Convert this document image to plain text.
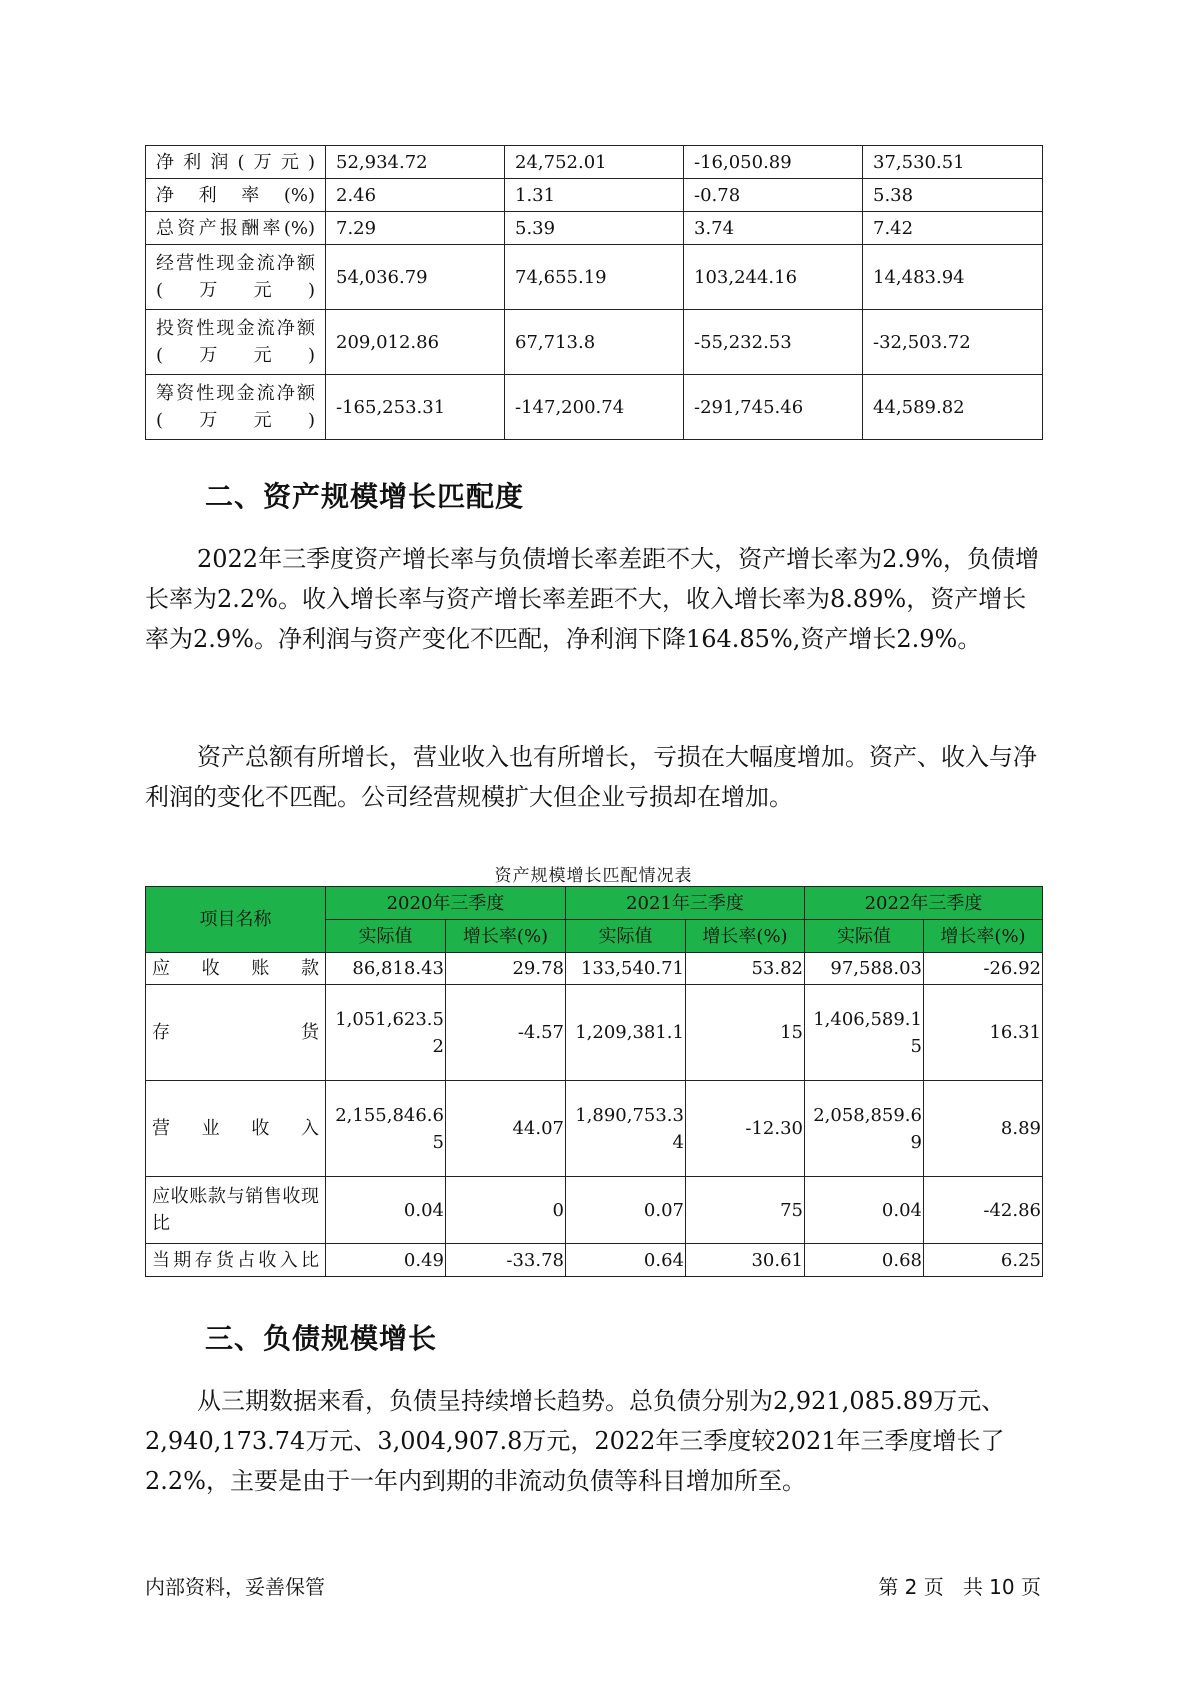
净利润(万元)	52,934.72	24,752.01	-16,050.89	37,530.51
净利率(%)	2.46	1.31	-0.78	5.38
总资产报酬率(%)	7.29	5.39	3.74	7.42
经营性现金流净额(万元)	54,036.79	74,655.19	103,244.16	14,483.94
投资性现金流净额(万元)	209,012.86	67,713.8	-55,232.53	-32,503.72
筹资性现金流净额(万元)	-165,253.31	-147,200.74	-291,745.46	44,589.82
二、资产规模增长匹配度

2022年三季度资产增长率与负债增长率差距不大，资产增长率为2.9%，负债增长率为2.2%。收入增长率与资产增长率差距不大，收入增长率为8.89%，资产增长率为2.9%。净利润与资产变化不匹配，净利润下降164.85%,资产增长2.9%。

资产总额有所增长，营业收入也有所增长，亏损在大幅度增加。资产、收入与净利润的变化不匹配。公司经营规模扩大但企业亏损却在增加。

资产规模增长匹配情况表
项目名称	2020年三季度		2021年三季度		2022年三季度	
	实际值	增长率(%)	实际值	增长率(%)	实际值	增长率(%)
应收账款	86,818.43	29.78	133,540.71	53.82	97,588.03	-26.92
存货	1,051,623.52	-4.57	1,209,381.1	15	1,406,589.15	16.31
营业收入	2,155,846.65	44.07	1,890,753.34	-12.30	2,058,859.69	8.89
应收账款与销售收现比	0.04	0	0.07	75	0.04	-42.86
当期存货占收入比	0.49	-33.78	0.64	30.61	0.68	6.25
三、负债规模增长

从三期数据来看，负债呈持续增长趋势。总负债分别为2,921,085.89万元、2,940,173.74万元、3,004,907.8万元，2022年三季度较2021年三季度增长了2.2%，主要是由于一年内到期的非流动负债等科目增加所至。

内部资料，妥善保管	第 2 页   共 10 页
